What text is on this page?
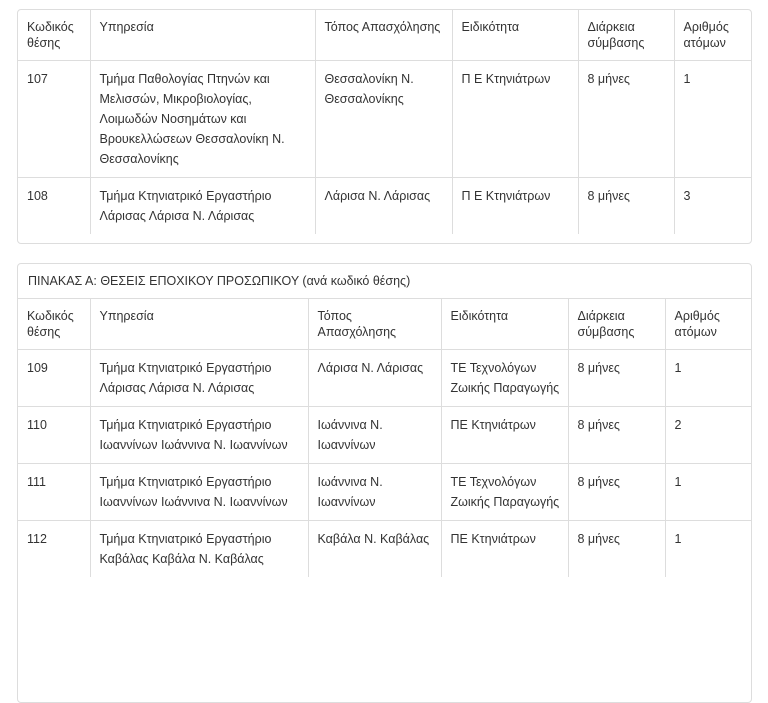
Κωδικός θέσης	Υπηρεσία	Τόπος Απασχόλησης	Ειδικότητα	Διάρκεια σύμβασης	Αριθμός ατόμων
107	Τμήμα Παθολογίας Πτηνών και Μελισσών, Μικροβιολογίας, Λοιμωδών Νοσημάτων και Βρουκελλώσεων Θεσσαλονίκη Ν. Θεσσαλονίκης	Θεσσαλονίκη Ν. Θεσσαλονίκης	Π Ε Κτηνιάτρων	8 μήνες	1
108	Τμήμα Κτηνιατρικό Εργαστήριο Λάρισας Λάρισα Ν. Λάρισας	Λάρισα Ν. Λάρισας	Π Ε Κτηνιάτρων	8 μήνες	3
ΠΙΝΑΚΑΣ Α: ΘΕΣΕΙΣ ΕΠΟΧΙΚΟΥ ΠΡΟΣΩΠΙΚΟΥ (ανά κωδικό θέσης)
Κωδικός θέσης	Υπηρεσία	Τόπος Απασχόλησης	Ειδικότητα	Διάρκεια σύμβασης	Αριθμός ατόμων
109	Τμήμα Κτηνιατρικό Εργαστήριο Λάρισας Λάρισα Ν. Λάρισας	Λάρισα Ν. Λάρισας	ΤΕ Τεχνολόγων Ζωικής Παραγωγής	8 μήνες	1
110	Τμήμα Κτηνιατρικό Εργαστήριο Ιωαννίνων Ιωάννινα Ν. Ιωαννίνων	Ιωάννινα Ν. Ιωαννίνων	ΠΕ Κτηνιάτρων	8 μήνες	2
111	Τμήμα Κτηνιατρικό Εργαστήριο Ιωαννίνων Ιωάννινα Ν. Ιωαννίνων	Ιωάννινα Ν. Ιωαννίνων	ΤΕ Τεχνολόγων Ζωικής Παραγωγής	8 μήνες	1
112	Τμήμα Κτηνιατρικό Εργαστήριο Καβάλας Καβάλα Ν. Καβάλας	Καβάλα Ν. Καβάλας	ΠΕ Κτηνιάτρων	8 μήνες	1
